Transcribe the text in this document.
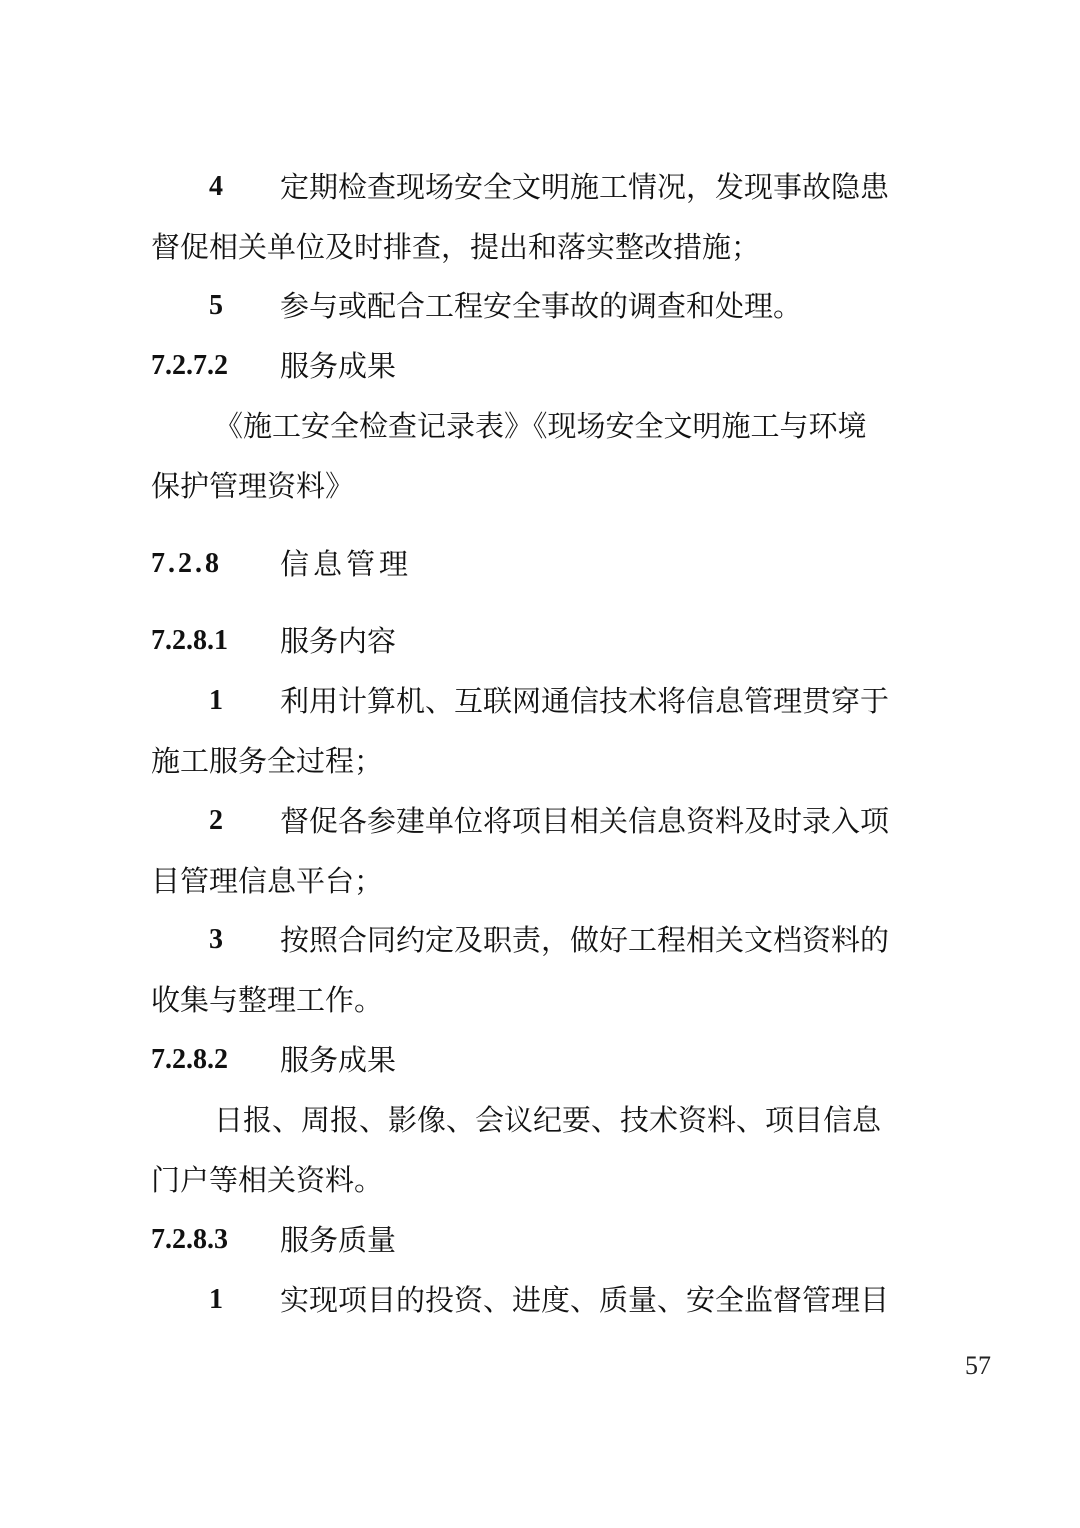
4 定期检查现场安全文明施工情况，发现事故隐患
督促相关单位及时排查，提出和落实整改措施；
5 参与或配合工程安全事故的调查和处理。
7.2.7.2 服务成果
《施工安全检查记录表》《现场安全文明施工与环境
保护管理资料》
7.2.8 信息管理
7.2.8.1 服务内容
1 利用计算机、互联网通信技术将信息管理贯穿于
施工服务全过程；
2 督促各参建单位将项目相关信息资料及时录入项
目管理信息平台；
3 按照合同约定及职责，做好工程相关文档资料的
收集与整理工作。
7.2.8.2 服务成果
日报、周报、影像、会议纪要、技术资料、项目信息
门户等相关资料。
7.2.8.3 服务质量
1 实现项目的投资、进度、质量、安全监督管理目
57
